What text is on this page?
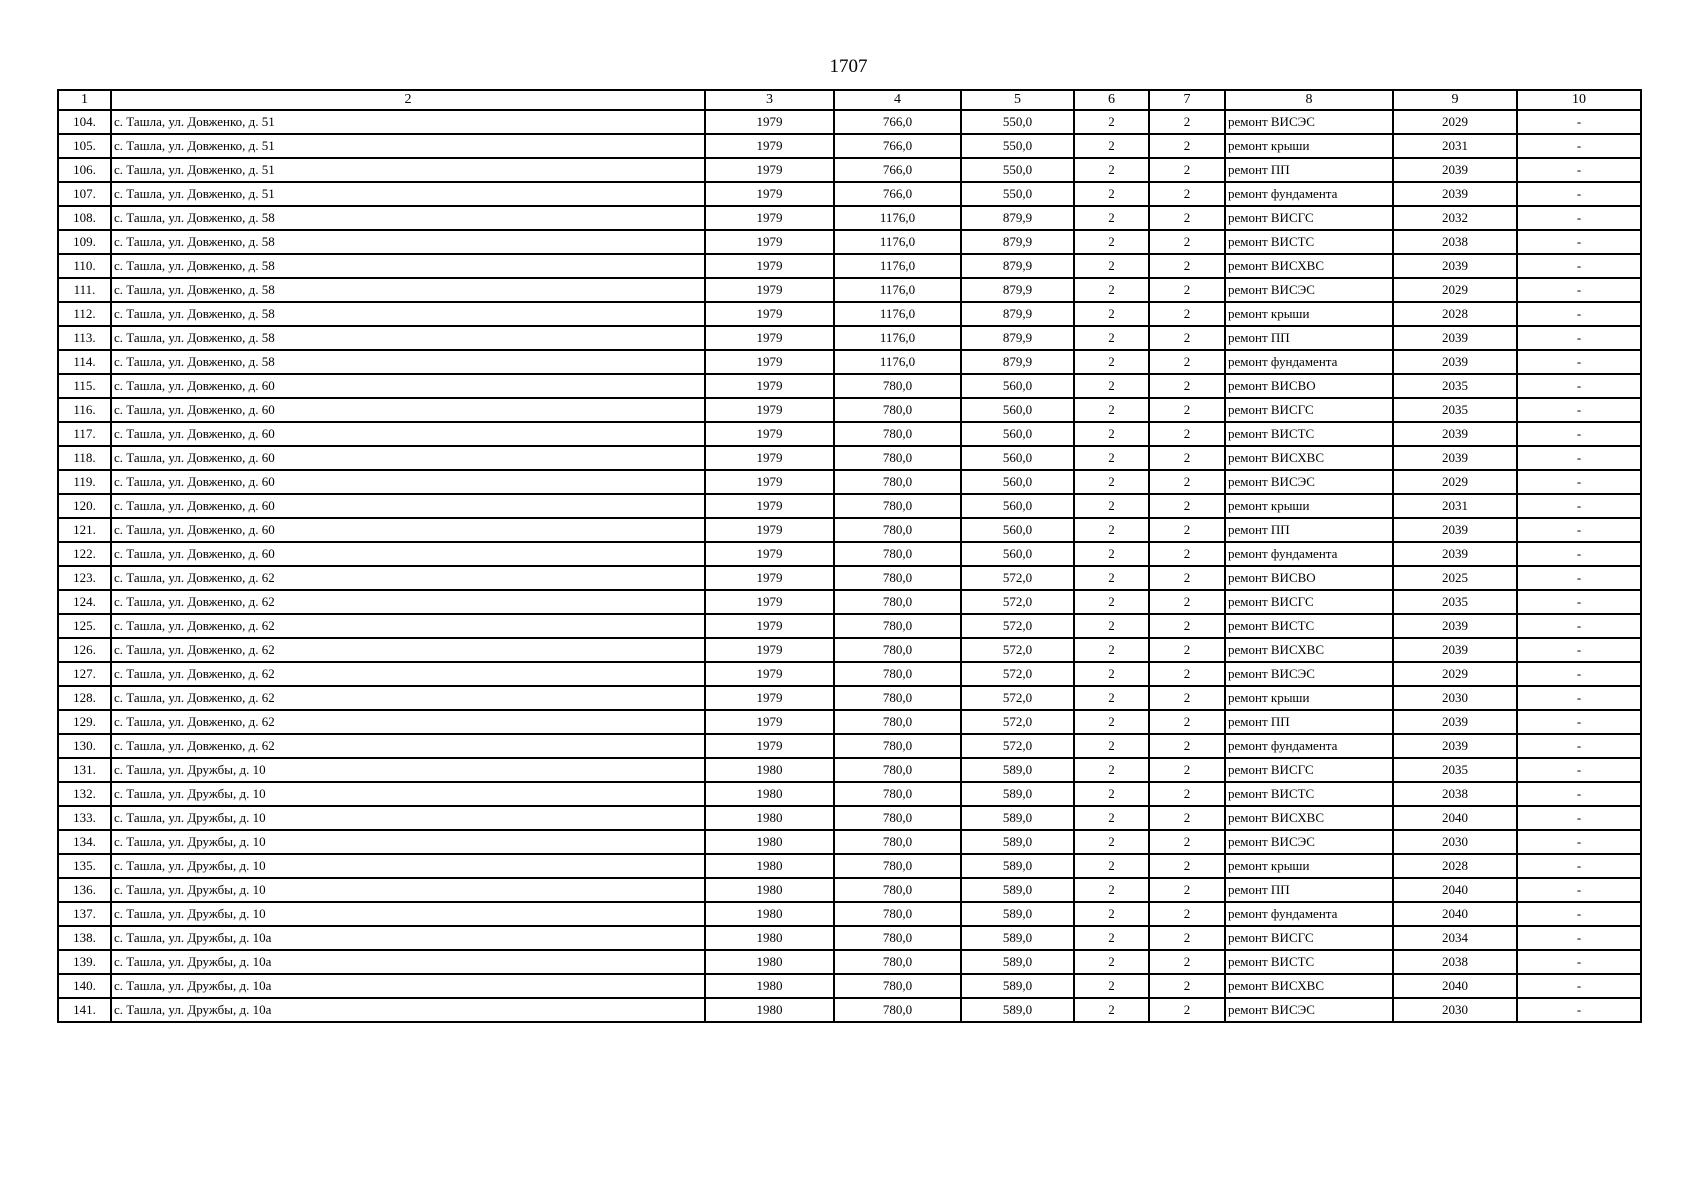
1707
1	2	3	4	5	6	7	8	9	10
104.	с. Ташла, ул. Довженко, д. 51	1979	766,0	550,0	2	2	ремонт ВИСЭС	2029	-
105.	с. Ташла, ул. Довженко, д. 51	1979	766,0	550,0	2	2	ремонт крыши	2031	-
106.	с. Ташла, ул. Довженко, д. 51	1979	766,0	550,0	2	2	ремонт ПП	2039	-
107.	с. Ташла, ул. Довженко, д. 51	1979	766,0	550,0	2	2	ремонт фундамента	2039	-
108.	с. Ташла, ул. Довженко, д. 58	1979	1176,0	879,9	2	2	ремонт ВИСГС	2032	-
109.	с. Ташла, ул. Довженко, д. 58	1979	1176,0	879,9	2	2	ремонт ВИСТС	2038	-
110.	с. Ташла, ул. Довженко, д. 58	1979	1176,0	879,9	2	2	ремонт ВИСХВС	2039	-
111.	с. Ташла, ул. Довженко, д. 58	1979	1176,0	879,9	2	2	ремонт ВИСЭС	2029	-
112.	с. Ташла, ул. Довженко, д. 58	1979	1176,0	879,9	2	2	ремонт крыши	2028	-
113.	с. Ташла, ул. Довженко, д. 58	1979	1176,0	879,9	2	2	ремонт ПП	2039	-
114.	с. Ташла, ул. Довженко, д. 58	1979	1176,0	879,9	2	2	ремонт фундамента	2039	-
115.	с. Ташла, ул. Довженко, д. 60	1979	780,0	560,0	2	2	ремонт ВИСВО	2035	-
116.	с. Ташла, ул. Довженко, д. 60	1979	780,0	560,0	2	2	ремонт ВИСГС	2035	-
117.	с. Ташла, ул. Довженко, д. 60	1979	780,0	560,0	2	2	ремонт ВИСТС	2039	-
118.	с. Ташла, ул. Довженко, д. 60	1979	780,0	560,0	2	2	ремонт ВИСХВС	2039	-
119.	с. Ташла, ул. Довженко, д. 60	1979	780,0	560,0	2	2	ремонт ВИСЭС	2029	-
120.	с. Ташла, ул. Довженко, д. 60	1979	780,0	560,0	2	2	ремонт крыши	2031	-
121.	с. Ташла, ул. Довженко, д. 60	1979	780,0	560,0	2	2	ремонт ПП	2039	-
122.	с. Ташла, ул. Довженко, д. 60	1979	780,0	560,0	2	2	ремонт фундамента	2039	-
123.	с. Ташла, ул. Довженко, д. 62	1979	780,0	572,0	2	2	ремонт ВИСВО	2025	-
124.	с. Ташла, ул. Довженко, д. 62	1979	780,0	572,0	2	2	ремонт ВИСГС	2035	-
125.	с. Ташла, ул. Довженко, д. 62	1979	780,0	572,0	2	2	ремонт ВИСТС	2039	-
126.	с. Ташла, ул. Довженко, д. 62	1979	780,0	572,0	2	2	ремонт ВИСХВС	2039	-
127.	с. Ташла, ул. Довженко, д. 62	1979	780,0	572,0	2	2	ремонт ВИСЭС	2029	-
128.	с. Ташла, ул. Довженко, д. 62	1979	780,0	572,0	2	2	ремонт крыши	2030	-
129.	с. Ташла, ул. Довженко, д. 62	1979	780,0	572,0	2	2	ремонт ПП	2039	-
130.	с. Ташла, ул. Довженко, д. 62	1979	780,0	572,0	2	2	ремонт фундамента	2039	-
131.	с. Ташла, ул. Дружбы, д. 10	1980	780,0	589,0	2	2	ремонт ВИСГС	2035	-
132.	с. Ташла, ул. Дружбы, д. 10	1980	780,0	589,0	2	2	ремонт ВИСТС	2038	-
133.	с. Ташла, ул. Дружбы, д. 10	1980	780,0	589,0	2	2	ремонт ВИСХВС	2040	-
134.	с. Ташла, ул. Дружбы, д. 10	1980	780,0	589,0	2	2	ремонт ВИСЭС	2030	-
135.	с. Ташла, ул. Дружбы, д. 10	1980	780,0	589,0	2	2	ремонт крыши	2028	-
136.	с. Ташла, ул. Дружбы, д. 10	1980	780,0	589,0	2	2	ремонт ПП	2040	-
137.	с. Ташла, ул. Дружбы, д. 10	1980	780,0	589,0	2	2	ремонт фундамента	2040	-
138.	с. Ташла, ул. Дружбы, д. 10а	1980	780,0	589,0	2	2	ремонт ВИСГС	2034	-
139.	с. Ташла, ул. Дружбы, д. 10а	1980	780,0	589,0	2	2	ремонт ВИСТС	2038	-
140.	с. Ташла, ул. Дружбы, д. 10а	1980	780,0	589,0	2	2	ремонт ВИСХВС	2040	-
141.	с. Ташла, ул. Дружбы, д. 10а	1980	780,0	589,0	2	2	ремонт ВИСЭС	2030	-
